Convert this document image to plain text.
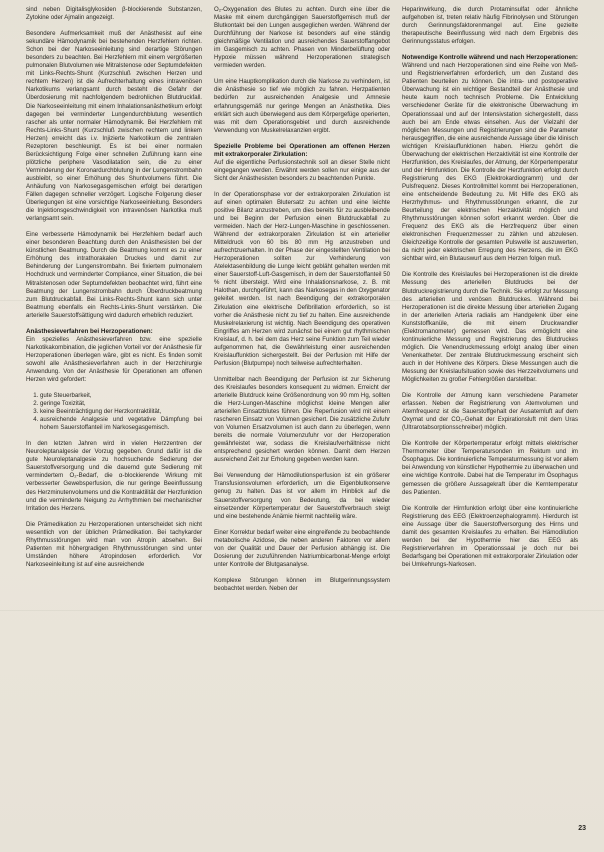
sind neben Digitalisglykosiden β-blockierende Substanzen, Zytokine oder Ajmalin angezeigt.

Besondere Aufmerksamkeit muß der Anästhesist auf eine sekundäre Hämodynamik bei bestehenden Herzfehlern richten. Schon bei der Narkoseeinleitung sind derartige Störungen besonders zu beachten. Bei Herzfehlern mit einem vergrößerten pulmonalen Blutvolumen wie Mitralstenose oder Septumdefekten mit Links-Rechts-Shunt (Kurzschluß zwischen Herzen und rechtem Herzen) ist die Aufrechterhaltung eines intravenösen Narkotikums verlangsamt durch besteht die Gefahr der Überdosierung mit nachfolgendem bedrohlichen Blutdruckfall. Die Narkoseeinleitung mit einem Inhalationsanästhetikum erfolgt dagegen bei verminderter Lungendurchblutung wesentlich rascher als unter normaler Hämodynamik. Bei Herzfehlern mit Rechts-Links-Shunt (Kurzschluß zwischen rechtem und linkem Herzen) erreicht das i.v. Injizierte Narkotikum die zentralen Rezeptoren beschleunigt. Es ist bei einer normalen Berücksichtigung Folge einer schnellen Zuführung kann eine plötzliche periphere Vasodilatation sein, die zu einer Verminderung der Koronardurchblutung in der Lungenstrombahn ausbleibt, so einer Erhöhung des Shuntvolumens führt. Die Anhäufung von Narkosegasgemischen erfolgt bei derartigen Fällen dagegen schneller verzögert. Logische Folgerung dieser Überlegungen ist eine vorsichtige Narkoseeinleitung. Besonders die Injektionsgeschwindigkeit von intravenösen Narkotika muß verlangsamt sein.

Eine verbesserte Hämodynamik bei Herzfehlern bedarf auch einer besonderen Beachtung durch den Anästhesisten bei der künstlichen Beatmung. Durch die Beatmung kommt es zu einer Erhöhung des intrathorakalen Druckes und damit zur Behinderung der Lungenstrombahn. Bei fixiertem pulmonalem Hochdruck und verminderter Compliance, einer Situation, die bei Mitralstenosen oder Septumdefekten beobachtet wird, führt eine Beatmung der Lungenstrombahn durch Überdruckbeatmung zum Blutdruckabfall. Bei Links-Rechts-Shunt kann sich unter Beatmung ebenfalls ein Rechts-Links-Shunt verstärken. Die arterielle Sauerstoffsättigung wird dadurch erheblich reduziert.

Anästhesieverfahren bei Herzoperationen:

Ein spezielles Anästhesieverfahren bzw. eine spezielle Narkotikakombination, die jeglichen Vorteil vor der Anästhesie für Herzoperationen überlegen wäre, gibt es nicht. Es finden somit sowohl alle Anästhesieverfahren auch in der Herzchirurgie Anwendung. Von der Anästhesie für Operationen am offenen Herzen wird gefordert:

1. gute Steuerbarkeit,
2. geringe Toxizität,
3. keine Beeinträchtigung der Herzkontraktilität,
4. ausreichende Analgesie und vegetative Dämpfung bei hohem Sauerstoffanteil im Narkosegasgemisch.

In den letzten Jahren wird in vielen Herzzentren der Neuroleptanalgesie der Vorzug gegeben. Grund dafür ist die gute Neuroleptanalgesie zu hochsuchende Sedierung der Sauerstoffversorgung und die dauernd gute Sedierung mit vermindertem O₂-Bedarf, die α-blockierende Wirkung mit verbesserter Gewebsperfusion, die nur geringe Beeinflussung des Herzminutenvolumens und die Kontraktilität der Herzfunktion und die verminderte Neigung zu Arrhythmien bei mechanischer Irritation des Herzens.

Die Prämedikation zu Herzoperationen unterscheidet sich nicht wesentlich von der üblichen Prämedikation. Bei tachykarder Rhythmusstörungen wird man von Atropin absehen. Bei Patienten mit höhergradigen Rhythmusstörungen sind unter Umständen höhere Atropindosen erforderlich. Vor Narkoseeinleitung ist auf eine ausreichende

O₂-Oxygenation des Blutes zu achten. Durch eine über die Maske mit einem durchgängigen Sauerstoffgemisch muß der Blutkontakt bei den Lungen ausgeglichen werden. Während der Durchführung der Narkose ist besonders auf eine ständig gleichmäßige Ventilation und ausreichendes Sauerstoffangebot im Gasgemisch zu achten. Phasen von Minderbelüftung oder Hypoxie müssen während Herzoperationen strategisch vermieden werden.

Um eine Hauptkomplikation durch die Narkose zu verhindern, ist die Anästhesie so tief wie möglich zu fahren. Herzpatienten bedürfen zur ausreichenden Analgesie und Amnesie erfahrungsgemäß nur geringe Mengen an Anästhetika. Dies erklärt sich auch überwiegend aus dem Körpergefüge operierten, was mit dem Operationsgebiet und durch ausreichende Verwendung von Muskelrelaxanzien ergibt.

Spezielle Probleme bei Operationen am offenen Herzen mit extrakorporaler Zirkulation:

Auf die eigentliche Perfusionstechnik soll an dieser Stelle nicht eingegangen werden. Erwähnt werden sollen nur einige aus der Sicht der Anästhesisten besonders zu beachtenden Punkte.

In der Operationsphase vor der extrakorporalen Zirkulation ist auf einen optimalen Blutersatz zu achten und eine leichte positive Bilanz anzustreben, um dies bereits für zu ausbleibende und bei Beginn der Perfusion einen Blutdruckabfall zu vermeiden. Nach der Herz-Lungen-Maschine in geschlossenen. Während der extrakorporalen Zirkulation ist ein arterieller Mitteldruck von 60 bis 80 mm Hg anzustreben und aufrechtzuerhalten. In der Phase der eingestellten Ventilation bei Herzoperationen sollten zur Verhinderung von Atelektasenbildung die Lunge leicht gebläht gehalten werden mit einer Sauerstoff-Luft-Gasgemisch, in dem der Sauerstoffanteil 50 % nicht übersteigt. Wird eine Inhalationsnarkose, z. B. mit Halothan, durchgeführt, kann das Narkosegas in den Oxygenator geleitet werden. Ist nach Beendigung der extrakorporalen Zirkulation eine elektrische Defibrillation erforderlich, so ist vorher die Anästhesie nicht zu tief zu halten. Eine ausreichende Muskelrelaxierung ist wichtig. Nach Beendigung des operativen Eingriffes am Herzen wird zunächst bei einem gut rhythmischen Kreislauf, d. h. bei dem das Herz seine Funktion zum Teil wieder aufgenommen hat, die Gewährleistung einer ausreichenden Kreislauffunktion sichergestellt. Bei der Perfusion mit Hilfe der Perfusion (Blutpumpe) noch teilweise aufrechterhalten.

Unmittelbar nach Beendigung der Perfusion ist zur Sicherung des Kreislaufes besonders konsequent zu widmen. Erreicht der arterielle Blutdruck keine Größenordnung von 90 mm Hg, sollten die Herz-Lungen-Maschine möglichst kleine Mengen aller arteriellen Einsatzblutes führen. Die Reperfusion wird mit einem rascheren Einsatz von Volumen gesichert. Die zusätzliche Zufuhr von Volumen Ersatzvolumen ist auch dann zu überlegen, wenn bereits die normale Volumenzufuhr vor der Herzoperation gewährleistet war, sodass die Kreislaufverhältnisse nicht entsprechend gesichert werden können. Damit dem Herzen ausreichend Zeit zur Erholung gegeben werden kann.

Bei Verwendung der Hämodilutionsperfusion ist ein größerer Transfusionsvolumen erforderlich, um die Eigenblutkonserve genug zu halten. Das ist vor allem im Hinblick auf die Sauerstoffversorgung von Bedeutung, da bei wieder einsetzender Körpertemperatur der Sauerstoffverbrauch steigt und eine bestehende Anämie hiermit nachteilig wäre.

Einer Korrektur bedarf weiter eine eingreifende zu beobachtende metabolische Azidose, die neben anderen Faktoren vor allem von der Qualität und Dauer der Perfusion abhängig ist. Die Dosierung der zuzuführenden Natriumbicarbonat-Menge erfolgt unter Kontrolle der Blutgasanalyse.

Komplexe Störungen können im Blutgerinnungssystem beobachtet werden. Neben der

Heparinwirkung, die durch Protaminsulfat oder ähnliche aufgehoben ist, treten relativ häufig Fibrinolysen und Störungen durch Gerinnungsfaktorenmangel auf. Eine gezielte therapeutische Beeinflussung wird nach dem Ergebnis des Gerinnungsstatus erfolgen.

Notwendige Kontrolle während und nach Herzoperationen:

Während und nach Herzoperationen sind eine Reihe von Meß- und Registrierverfahren erforderlich, um den Zustand des Patienten beurteilen zu können. Die intra- und postoperative Überwachung ist ein wichtiger Bestandteil der Anästhesie und heute kaum noch technisch Probleme. Die Entwicklung verschiedener Geräte für die elektronische Überwachung im Operationssaal und auf der Intensivstation sichergestellt, dass auch bei am Ende etwas einsehen. Aus der Vielzahl der möglichen Messungen und Registrierungen sind die Parameter herausgegriffen, die eine ausreichende Aussage über die klinisch wichtigen Kreislauffunktionen haben. Hierzu gehört die Überwachung der elektrischen Herzaktivität ist eine Kontrolle der Herzfunktion, des Kreislaufes, der Atmung, der Körpertemperatur und der Hirnfunktion. Die Kontrolle der Herzfunktion erfolgt durch Registrierung des EKG (Elektrokardiogramm) und der Pulsfrequenz. Dieses Kontrollmittel kommt bei Herzoperationen, eine entscheidende Bedeutung zu. Mit Hilfe des EKG als Herzrhythmus- und Rhythmusstörungen erkannt, die zur Beurteilung der elektrischen Herzaktivität möglich und Rhythmusstörungen können sofort erkannt werden. Über die Frequenz des EKG als die Herzfrequenz über einen elektronischen Frequenzmesser zu zählen und abzulesen. Gleichzeitige Kontrolle der gesamten Pulswelle ist auszuwerten, da nicht jeder elektrischen Erregung des Herzens, die im EKG sichtbar wird, ein Blutauswurf aus dem Herzen folgen muß.

Die Kontrolle des Kreislaufes bei Herzoperationen ist die direkte Messung des arteriellen Blutdrucks bei der Blutdruckregistrierung durch die Technik. Sie erfolgt zur Messung des arteriellen und venösen Blutdruckes. Während bei Herzoperationen ist die direkte Messung über arteriellen Zugang in der arteriellen Arteria radialis am Handgelenk über eine Kunststoffkanüle, die mit einem Druckwandler (Elektromanometer) gemessen wird. Das ermöglicht eine kontinuierliche Messung und Registrierung des Blutdruckes möglich. Die Venendruckmessung erfolgt analog über einen Venenkatheter. Der zentrale Blutdruckmessung erscheint sich auch in der Hohlvene des Körpers. Diese Messungen auch die Messung der Kreislaufsituation sowie des Herzzeitvolumens und Möglichkeiten zu großer Fehlergrößen darstellbar.

Die Kontrolle der Atmung kann verschiedene Parameter erfassen. Neben der Registrierung von Atemvolumen und Atemfrequenz ist die Sauerstoffgehalt der Ausatemluft auf dem Oxymat und der CO₂-Gehalt der Expirationsluft mit dem Uras (Ultrarotabsorptionsschreiber) möglich.

Die Kontrolle der Körpertemperatur erfolgt mittels elektrischer Thermometer über Temperatursonden im Rektum und im Ösophagus. Die kontinuierliche Temperaturmessung ist vor allem bei Anwendung von künstlicher Hypothermie zu überwachen und eine wichtige Kontrolle. Dabei hat die Temperatur im Ösophagus gemessen die größere Aussagekraft über die Kerntemperatur des Patienten.

Die Kontrolle der Hirnfunktion erfolgt über eine kontinuierliche Registrierung des EEG (Elektroenzephalogramm). Hierdurch ist eine Aussage über die Sauerstoffversorgung des Hirns und damit des gesamten Kreislaufes zu erhalten. Bei Hämodilution werden bei der Hypothermie hier das EEG als Registrierverfahren im Operationssaal je doch nur bei Bedarfsgang bei Operationen mit extrakorporaler Zirkulation oder bei Umkehrungs-Narkosen.

23
